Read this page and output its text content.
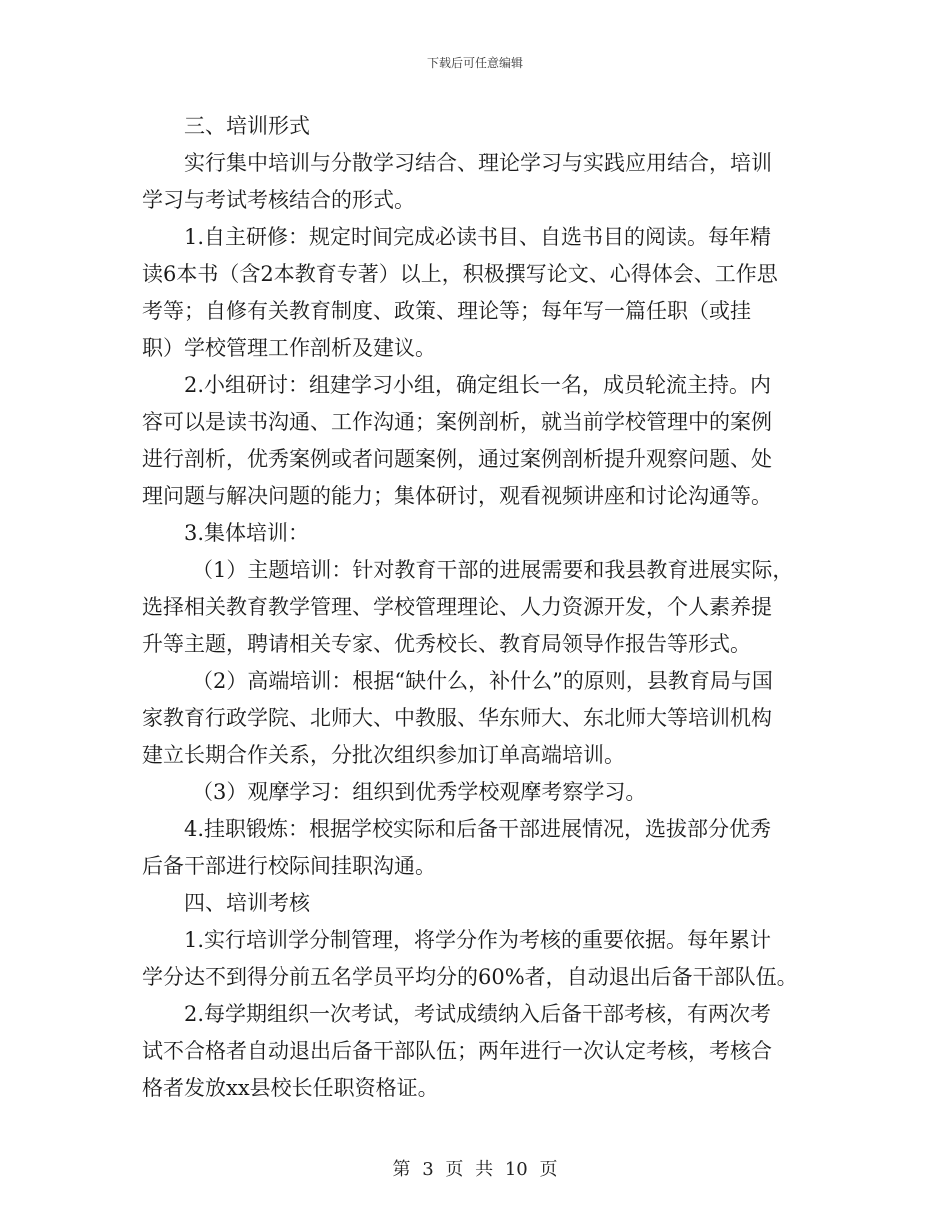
下载后可任意编辑
三、培训形式
实行集中培训与分散学习结合、理论学习与实践应用结合，培训
学习与考试考核结合的形式。
1.自主研修：规定时间完成必读书目、自选书目的阅读。每年精
读6本书（含2本教育专著）以上，积极撰写论文、心得体会、工作思
考等；自修有关教育制度、政策、理论等；每年写一篇任职（或挂
职）学校管理工作剖析及建议。
2.小组研讨：组建学习小组，确定组长一名，成员轮流主持。内
容可以是读书沟通、工作沟通；案例剖析，就当前学校管理中的案例
进行剖析，优秀案例或者问题案例，通过案例剖析提升观察问题、处
理问题与解决问题的能力；集体研讨，观看视频讲座和讨论沟通等。
3.集体培训：
（1）主题培训：针对教育干部的进展需要和我县教育进展实际，
选择相关教育教学管理、学校管理理论、人力资源开发，个人素养提
升等主题，聘请相关专家、优秀校长、教育局领导作报告等形式。
（2）高端培训：根据“缺什么，补什么”的原则，县教育局与国
家教育行政学院、北师大、中教服、华东师大、东北师大等培训机构
建立长期合作关系，分批次组织参加订单高端培训。
（3）观摩学习：组织到优秀学校观摩考察学习。
4.挂职锻炼：根据学校实际和后备干部进展情况，选拔部分优秀
后备干部进行校际间挂职沟通。
四、培训考核
1.实行培训学分制管理，将学分作为考核的重要依据。每年累计
学分达不到得分前五名学员平均分的60%者，自动退出后备干部队伍。
2.每学期组织一次考试，考试成绩纳入后备干部考核，有两次考
试不合格者自动退出后备干部队伍；两年进行一次认定考核，考核合
格者发放xx县校长任职资格证。
第 3 页 共 10 页
